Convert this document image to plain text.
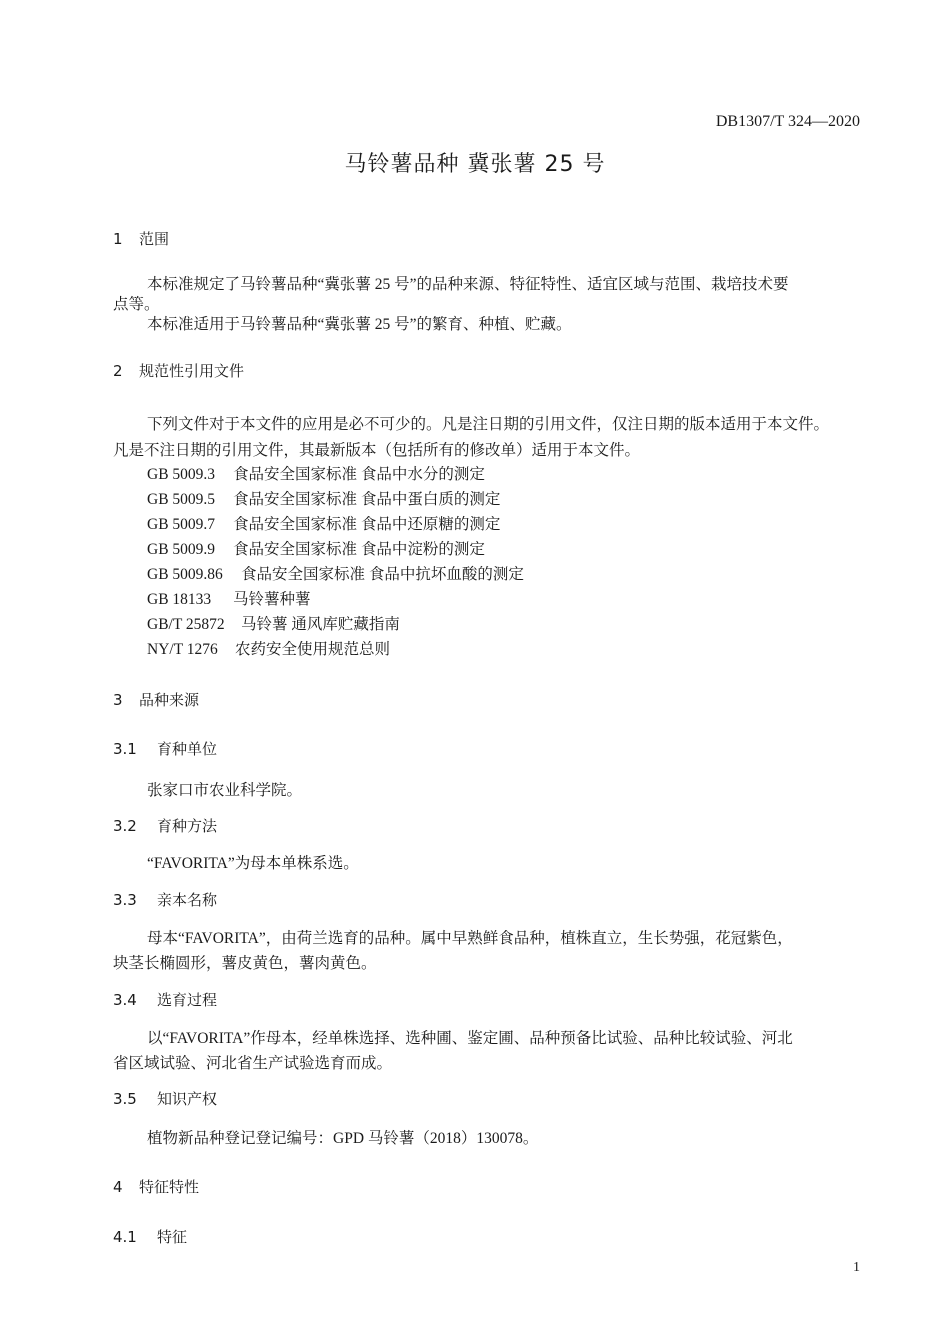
DB1307/T 324—2020
马铃薯品种 冀张薯 25 号
1 范围
本标准规定了马铃薯品种“冀张薯 25 号”的品种来源、特征特性、适宜区域与范围、栽培技术要
点等。
本标准适用于马铃薯品种“冀张薯 25 号”的繁育、种植、贮藏。
2 规范性引用文件
下列文件对于本文件的应用是必不可少的。凡是注日期的引用文件，仅注日期的版本适用于本文件。
凡是不注日期的引用文件，其最新版本（包括所有的修改单）适用于本文件。
GB 5009.3 食品安全国家标准 食品中水分的测定
GB 5009.5 食品安全国家标准 食品中蛋白质的测定
GB 5009.7 食品安全国家标准 食品中还原糖的测定
GB 5009.9 食品安全国家标准 食品中淀粉的测定
GB 5009.86 食品安全国家标准 食品中抗坏血酸的测定
GB 18133 马铃薯种薯
GB/T 25872 马铃薯 通风库贮藏指南
NY/T 1276 农药安全使用规范总则
3 品种来源
3.1 育种单位
张家口市农业科学院。
3.2 育种方法
“FAVORITA”为母本单株系选。
3.3 亲本名称
母本“FAVORITA”，由荷兰选育的品种。属中早熟鲜食品种，植株直立，生长势强，花冠紫色，
块茎长椭圆形，薯皮黄色，薯肉黄色。
3.4 选育过程
以“FAVORITA”作母本，经单株选择、选种圃、鉴定圃、品种预备比试验、品种比较试验、河北
省区域试验、河北省生产试验选育而成。
3.5 知识产权
植物新品种登记登记编号：GPD 马铃薯（2018）130078。
4 特征特性
4.1 特征
1
